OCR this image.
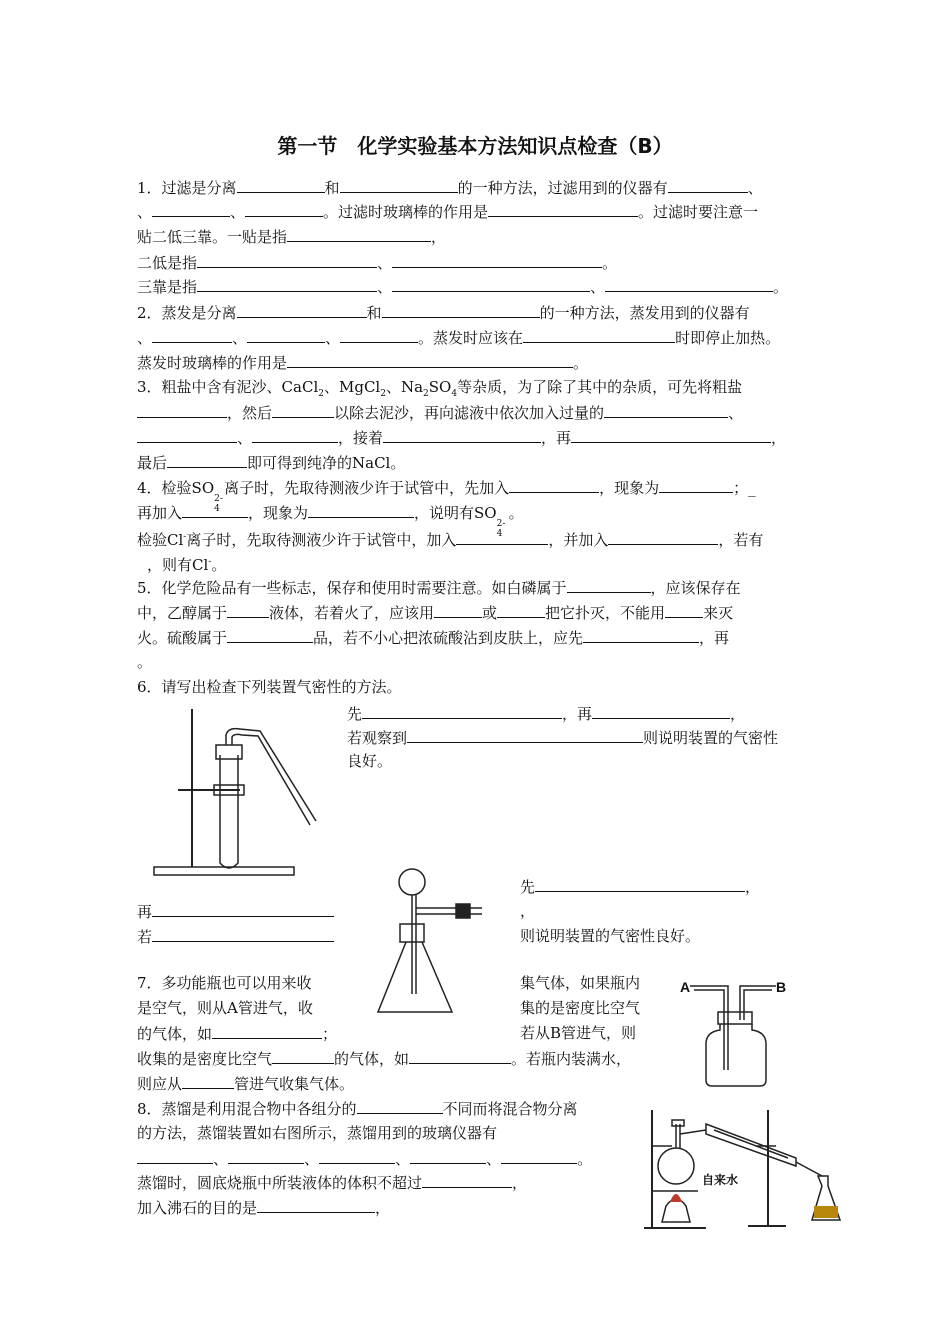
第一节　化学实验基本方法知识点检查（B）
1．过滤是分离	和	的一种方法，过滤用到的仪器有	、
、	、	。过滤时玻璃棒的作用是	。过滤时要注意一
贴二低三靠。一贴是指	，
二低是指	、	。
三靠是指	、	、	。
2．蒸发是分离	和	的一种方法，蒸发用到的仪器有
、	、	、	。蒸发时应该在	时即停止加热。
蒸发时玻璃棒的作用是	。
3．粗盐中含有泥沙、CaCl$_2$、MgCl$_2$、$Na_2SO_4$等杂质，为了除了其中的杂质，可先将粗盐
，然后	以除去泥沙，再向滤液中依次加入过量的	、
、	，接着	，再	，
最后	即可得到纯净的NaCl。
4．检验SO
2-
4
离子时，先取待测液少许于试管中，先加入	，现象为	；_
再加入	，现象为	，说明有SO
2-
4
。
检验Cl-离子时，先取待测液少许于试管中，加入	，并加入	，若有
，则有Cl-。
5．化学危险品有一些标志，保存和使用时需要注意。如白磷属于	，应该保存在
中，乙醇属于	液体，若着火了，应该用	或	把它扑灭，不能用	来灭
火。硫酸属于	品，若不小心把浓硫酸沾到皮肤上，应先	，再
。
6．请写出检查下列装置气密性的方法。
先	，再	，
若观察到	则说明装置的气密性
良好。
先	，
再	，
若	则说明装置的气密性良好。
7．多功能瓶也可以用来收	集气体，如果瓶内
是空气，则从A管进气，收	集的是密度比空气
的气体，如	；	若从B管进气，则
收集的是密度比空气	的气体，如	。若瓶内装满水，
则应从	管进气收集气体。
A	B
8．蒸馏是利用混合物中各组分的	不同而将混合物分离
的方法，蒸馏装置如右图所示，蒸馏用到的玻璃仪器有
、	、	、	、	。
蒸馏时，圆底烧瓶中所装液体的体积不超过	，
加入沸石的目的是	，
自来水
